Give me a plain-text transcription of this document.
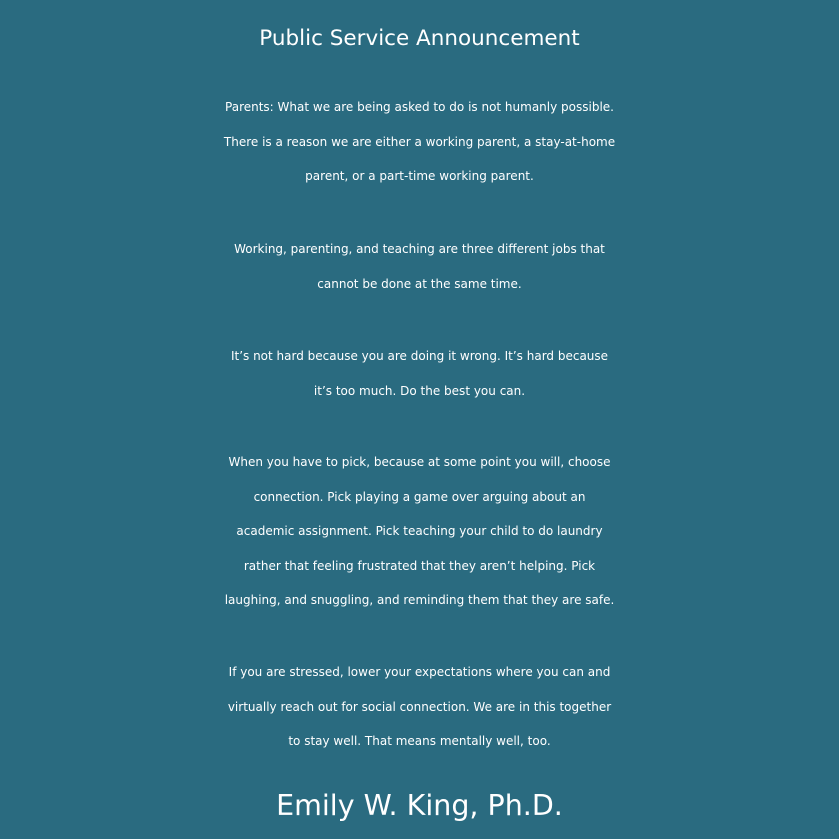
Public Service Announcement

Parents: What we are being asked to do is not humanly possible.
There is a reason we are either a working parent, a stay-at-home
parent, or a part-time working parent.

Working, parenting, and teaching are three different jobs that
cannot be done at the same time.

It’s not hard because you are doing it wrong. It’s hard because
it’s too much. Do the best you can.

When you have to pick, because at some point you will, choose
connection. Pick playing a game over arguing about an
academic assignment. Pick teaching your child to do laundry
rather that feeling frustrated that they aren’t helping. Pick
laughing, and snuggling, and reminding them that they are safe.

If you are stressed, lower your expectations where you can and
virtually reach out for social connection. We are in this together
to stay well. That means mentally well, too.

Emily W. King, Ph.D.
